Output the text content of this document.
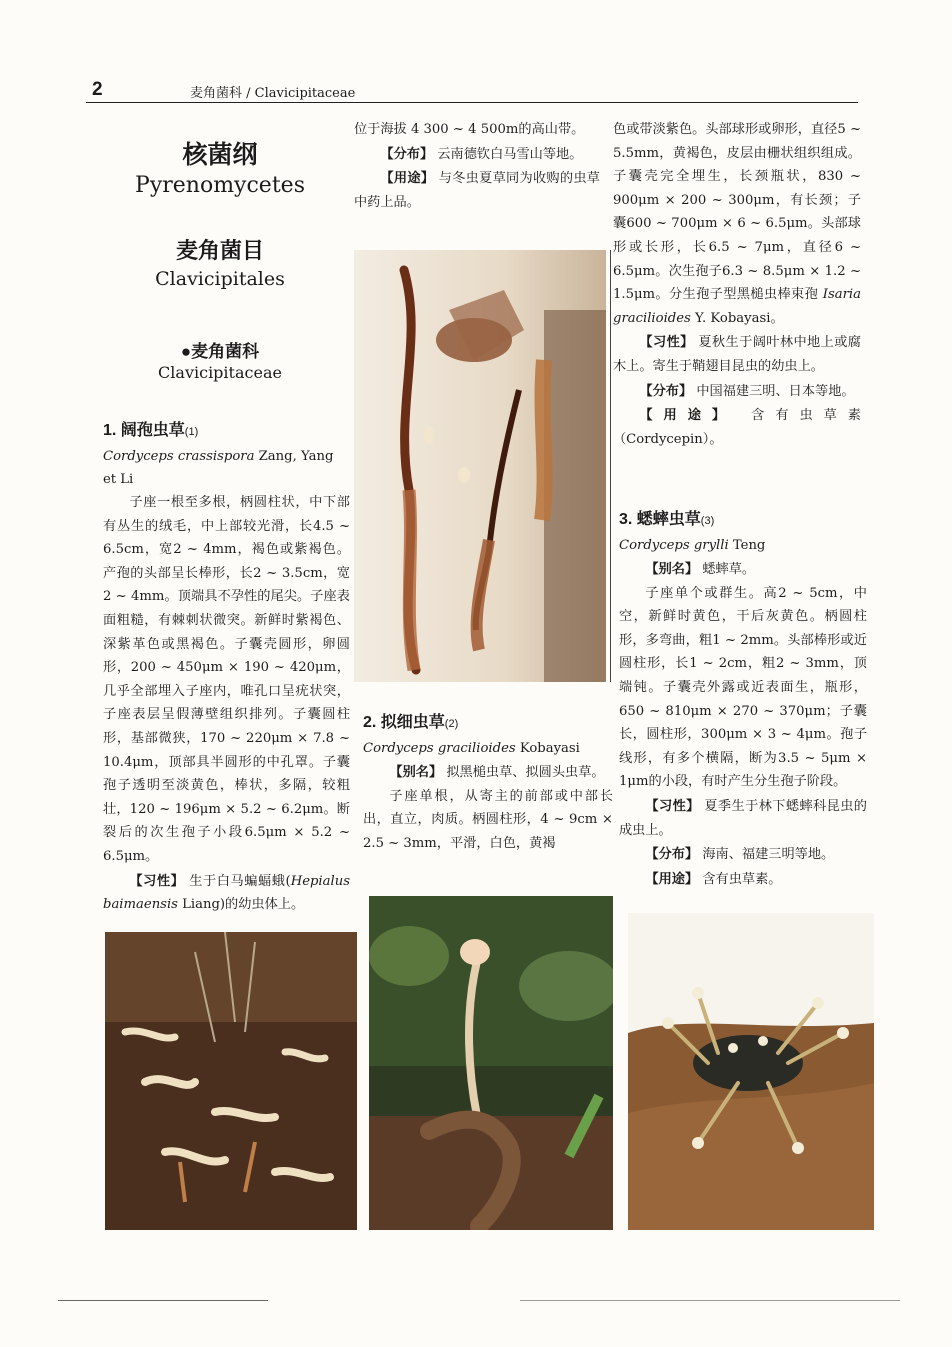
2	麦角菌科 / Clavicipitaceae
核菌纲
Pyrenomycetes
麦角菌目
Clavicipitales
●麦角菌科
Clavicipitaceae

1. 阔孢虫草(1)

Cordyceps crassispora Zang, Yang

et Li

子座一根至多根，柄圆柱状，中下部有丛生的绒毛，中上部较光滑，长4.5 ~ 6.5cm，宽2 ~ 4mm，褐色或紫褐色。产孢的头部呈长棒形，长2 ~ 3.5cm，宽2 ~ 4mm。顶端具不孕性的尾尖。子座表面粗糙，有棘刺状微突。新鲜时紫褐色、深紫革色或黑褐色。子囊壳圆形，卵圆形，200 ~ 450μm × 190 ~ 420μm，几乎全部埋入子座内，唯孔口呈疣状突，子座表层呈假薄壁组织排列。子囊圆柱形，基部微狭，170 ~ 220μm × 7.8 ~ 10.4μm，顶部具半圆形的中孔罩。子囊孢子透明至淡黄色，棒状，多隔，较粗壮，120 ~ 196μm × 5.2 ~ 6.2μm。断裂后的次生孢子小段6.5μm × 5.2 ~ 6.5μm。

【习性】 生于白马蝙蝠蛾(Hepialus baimaensis Liang)的幼虫体上。

位于海拔 4 300 ~ 4 500m的高山带。

【分布】 云南德钦白马雪山等地。

【用途】 与冬虫夏草同为收购的虫草中药上品。

2. 拟细虫草(2)

Cordyceps gracilioides Kobayasi

【别名】 拟黑槌虫草、拟圆头虫草。

子座单根，从寄主的前部或中部长出，直立，肉质。柄圆柱形，4 ~ 9cm × 2.5 ~ 3mm，平滑，白色，黄褐

色或带淡紫色。头部球形或卵形，直径5 ~ 5.5mm，黄褐色，皮层由栅状组织组成。子囊壳完全埋生，长颈瓶状，830 ~ 900μm × 200 ~ 300μm，有长颈；子囊600 ~ 700μm × 6 ~ 6.5μm。头部球形或长形，长6.5 ~ 7μm，直径6 ~ 6.5μm。次生孢子6.3 ~ 8.5μm × 1.2 ~ 1.5μm。分生孢子型黑槌虫棒束孢 Isaria gracilioides Y. Kobayasi。

【习性】 夏秋生于阔叶林中地上或腐木上。寄生于鞘翅目昆虫的幼虫上。

【分布】 中国福建三明、日本等地。

【用途】 含有虫草素（Cordycepin）。

3. 蟋蟀虫草(3)

Cordyceps grylli Teng

【别名】 蟋蟀草。

子座单个或群生。高2 ~ 5cm，中空，新鲜时黄色，干后灰黄色。柄圆柱形，多弯曲，粗1 ~ 2mm。头部棒形或近圆柱形，长1 ~ 2cm，粗2 ~ 3mm，顶端钝。子囊壳外露或近表面生，瓶形，650 ~ 810μm × 270 ~ 370μm；子囊长，圆柱形，300μm × 3 ~ 4μm。孢子线形，有多个横隔，断为3.5 ~ 5μm × 1μm的小段，有时产生分生孢子阶段。

【习性】 夏季生于林下蟋蟀科昆虫的成虫上。

【分布】 海南、福建三明等地。

【用途】 含有虫草素。
